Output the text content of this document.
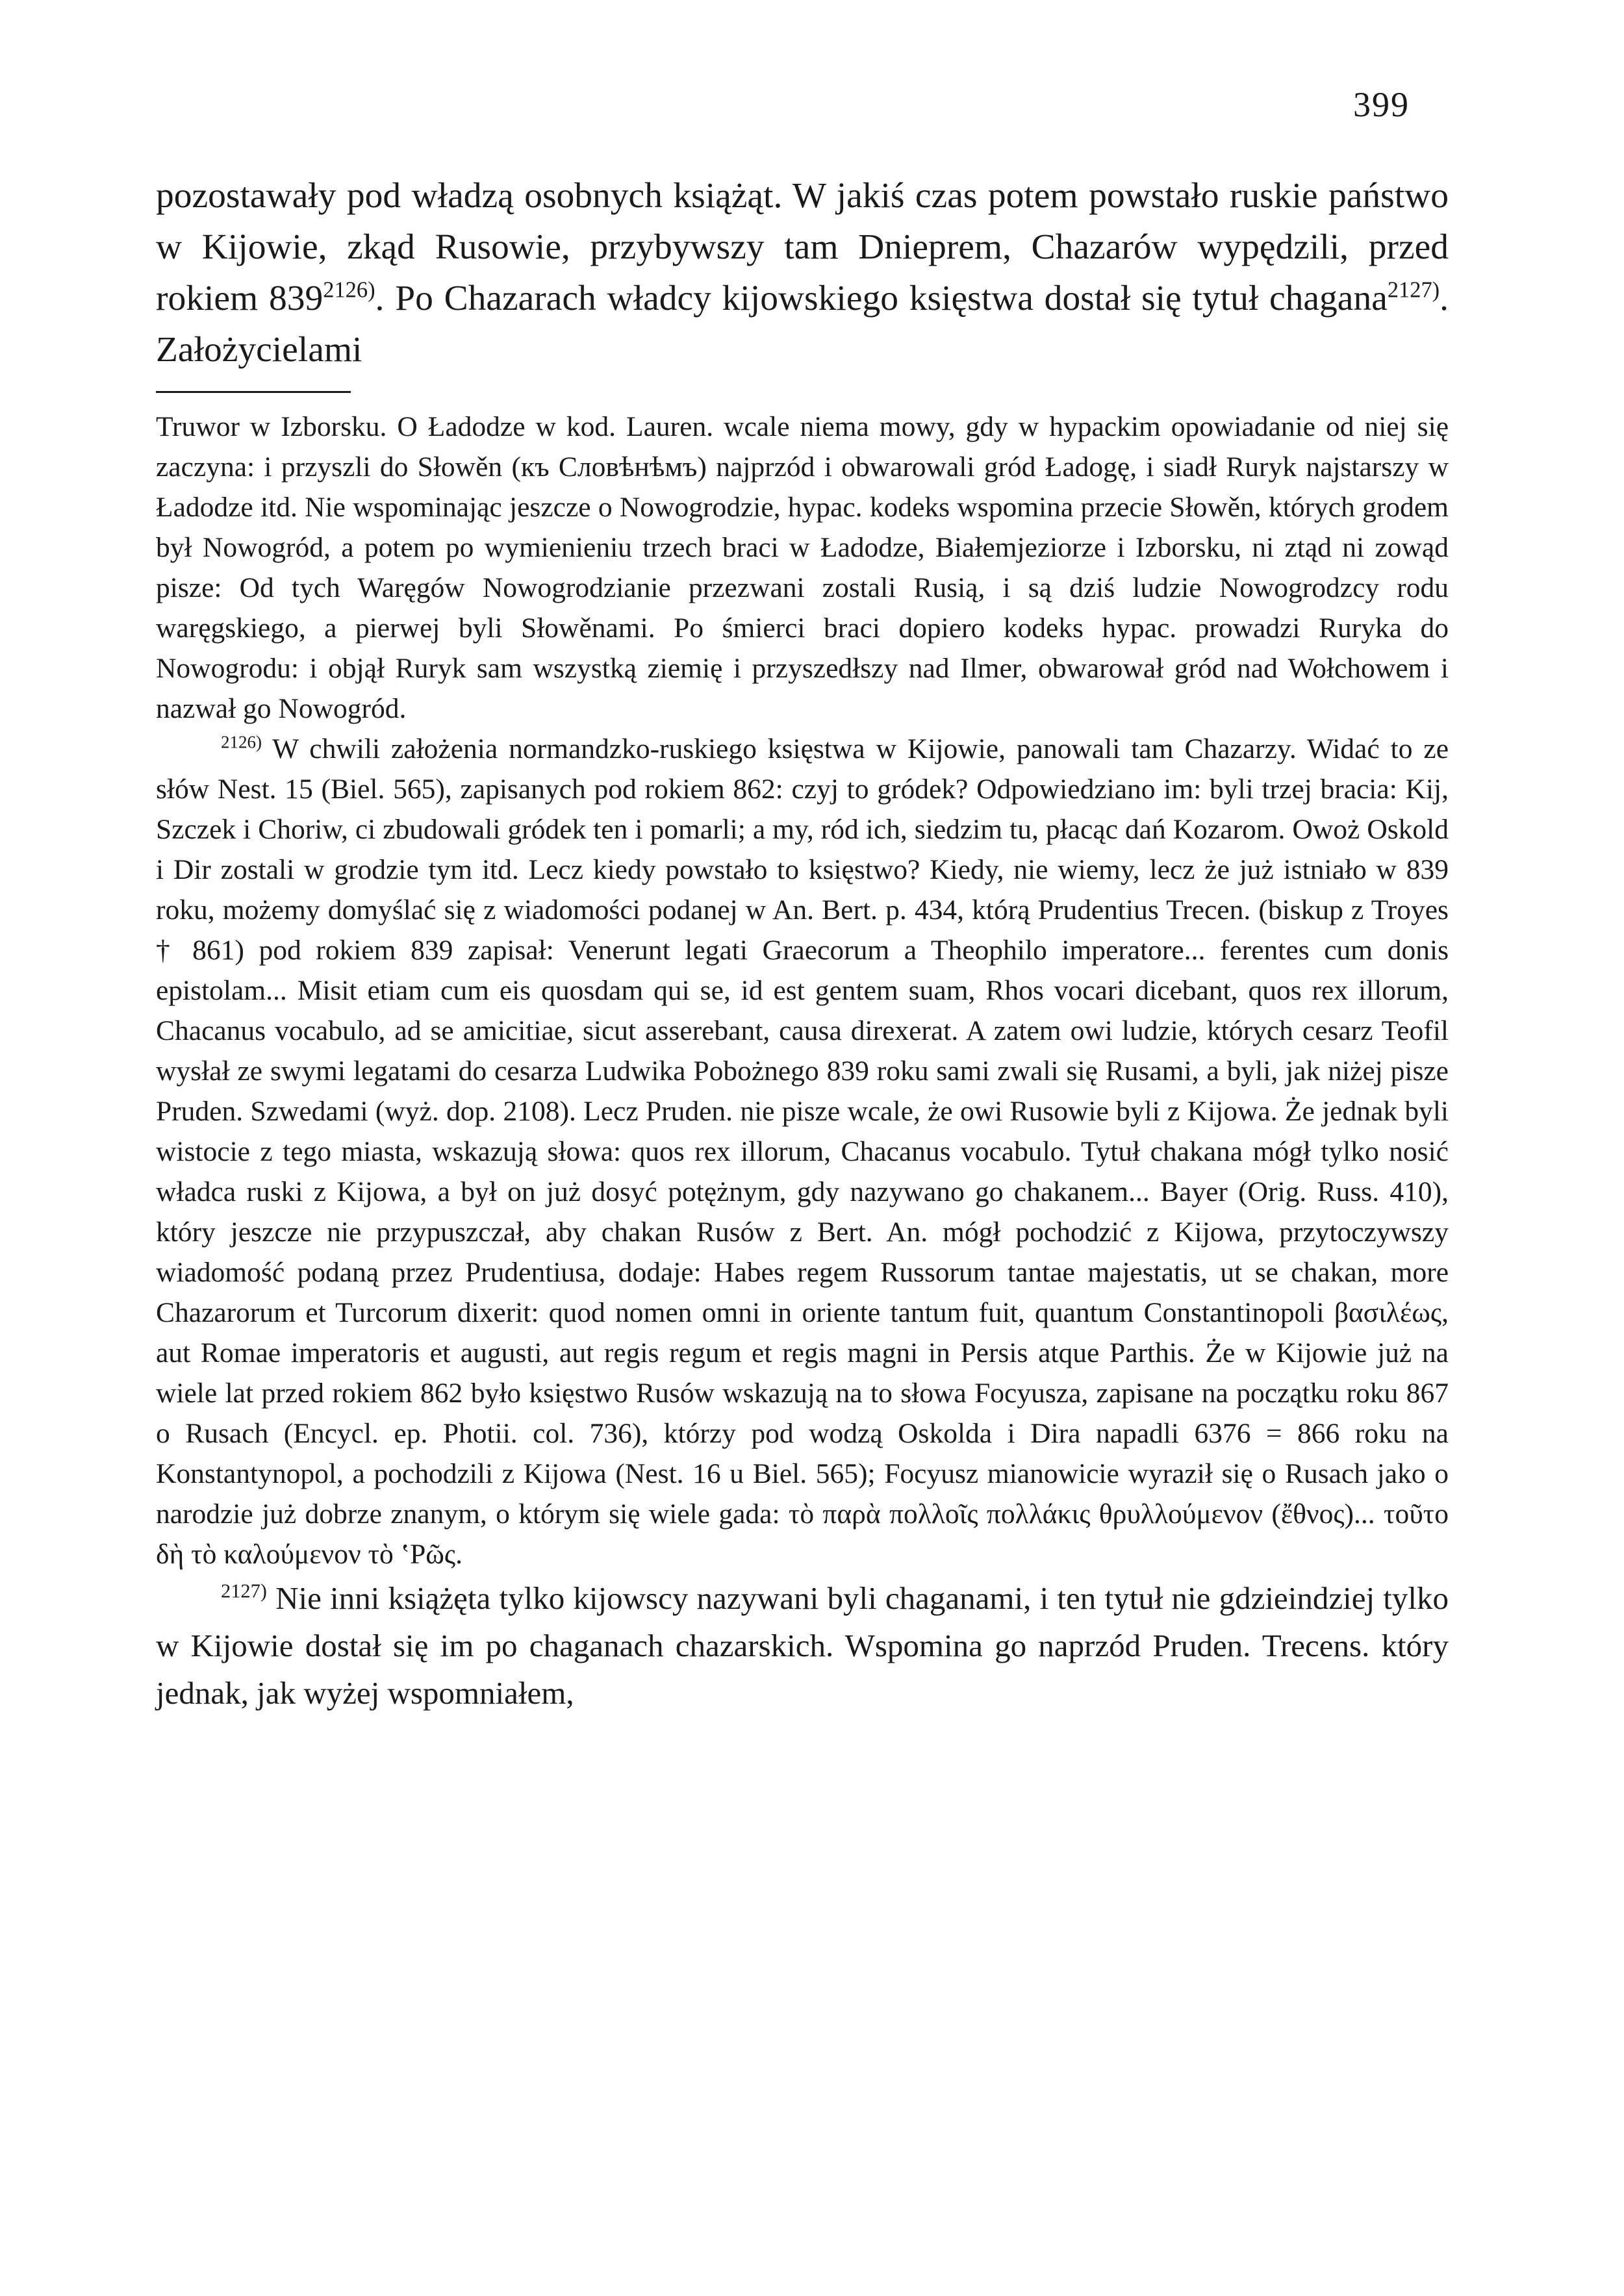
399

pozostawały pod władzą osobnych książąt. W jakiś czas potem powstało ruskie państwo w Kijowie, zkąd Rusowie, przybywszy tam Dnieprem, Chazarów wypędzili, przed rokiem 839$^{2126)}$. Po Chazarach władcy kijowskiego księstwa dostał się tytuł chagana$^{2127)}$. Założycielami

Truwor w Izborsku. O Ładodze w kod. Lauren. wcale niema mowy, gdy w hypackim opowiadanie od niej się zaczyna: i przyszli do Słowěn (къ Словѣнѣмъ) najprzód i obwarowali gród Ładogę, i siadł Ruryk najstarszy w Ładodze itd. Nie wspominając jeszcze o Nowogrodzie, hypac. kodeks wspomina przecie Słowěn, których grodem był Nowogród, a potem po wymienieniu trzech braci w Ładodze, Białemjeziorze i Izborsku, ni ztąd ni zowąd pisze: Od tych Waręgów Nowogrodzianie przezwani zostali Rusią, i są dziś ludzie Nowogrodzcy rodu waręgskiego, a pierwej byli Słowěnami. Po śmierci braci dopiero kodeks hypac. prowadzi Ruryka do Nowogrodu: i objął Ruryk sam wszystką ziemię i przyszedłszy nad Ilmer, obwarował gród nad Wołchowem i nazwał go Nowogród.

$^{2126)}$ W chwili założenia normandzko-ruskiego księstwa w Kijowie, panowali tam Chazarzy. Widać to ze słów Nest. 15 (Biel. 565), zapisanych pod rokiem 862: czyj to gródek? Odpowiedziano im: byli trzej bracia: Kij, Szczek i Choriw, ci zbudowali gródek ten i pomarli; a my, ród ich, siedzim tu, płacąc dań Kozarom. Owoż Oskold i Dir zostali w grodzie tym itd. Lecz kiedy powstało to księstwo? Kiedy, nie wiemy, lecz że już istniało w 839 roku, możemy domyślać się z wiadomości podanej w An. Bert. p. 434, którą Prudentius Trecen. (biskup z Troyes † 861) pod rokiem 839 zapisał: Venerunt legati Graecorum a Theophilo imperatore... ferentes cum donis epistolam... Misit etiam cum eis quosdam qui se, id est gentem suam, Rhos vocari dicebant, quos rex illorum, Chacanus vocabulo, ad se amicitiae, sicut asserebant, causa direxerat. A zatem owi ludzie, których cesarz Teofil wysłał ze swymi legatami do cesarza Ludwika Pobożnego 839 roku sami zwali się Rusami, a byli, jak niżej pisze Pruden. Szwedami (wyż. dop. 2108). Lecz Pruden. nie pisze wcale, że owi Rusowie byli z Kijowa. Że jednak byli wistocie z tego miasta, wskazują słowa: quos rex illorum, Chacanus vocabulo. Tytuł chakana mógł tylko nosić władca ruski z Kijowa, a był on już dosyć potężnym, gdy nazywano go chakanem... Bayer (Orig. Russ. 410), który jeszcze nie przypuszczał, aby chakan Rusów z Bert. An. mógł pochodzić z Kijowa, przytoczywszy wiadomość podaną przez Prudentiusa, dodaje: Habes regem Russorum tantae majestatis, ut se chakan, more Chazarorum et Turcorum dixerit: quod nomen omni in oriente tantum fuit, quantum Constantinopoli βασιλέως, aut Romae imperatoris et augusti, aut regis regum et regis magni in Persis atque Parthis. Że w Kijowie już na wiele lat przed rokiem 862 było księstwo Rusów wskazują na to słowa Focyusza, zapisane na początku roku 867 o Rusach (Encycl. ep. Photii. col. 736), którzy pod wodzą Oskolda i Dira napadli 6376 = 866 roku na Konstantynopol, a pochodzili z Kijowa (Nest. 16 u Biel. 565); Focyusz mianowicie wyraził się o Rusach jako o narodzie już dobrze znanym, o którym się wiele gada: τὸ παρὰ πολλοῖς πολλάκις θρυλλούμενον (ἔθνος)... τοῦτο δὴ τὸ καλούμενον τὸ ʽΡῶς.

$^{2127)}$ Nie inni książęta tylko kijowscy nazywani byli chaganami, i ten tytuł nie gdzieindziej tylko w Kijowie dostał się im po chaganach chazarskich. Wspomina go naprzód Pruden. Trecens. który jednak, jak wyżej wspomniałem,
